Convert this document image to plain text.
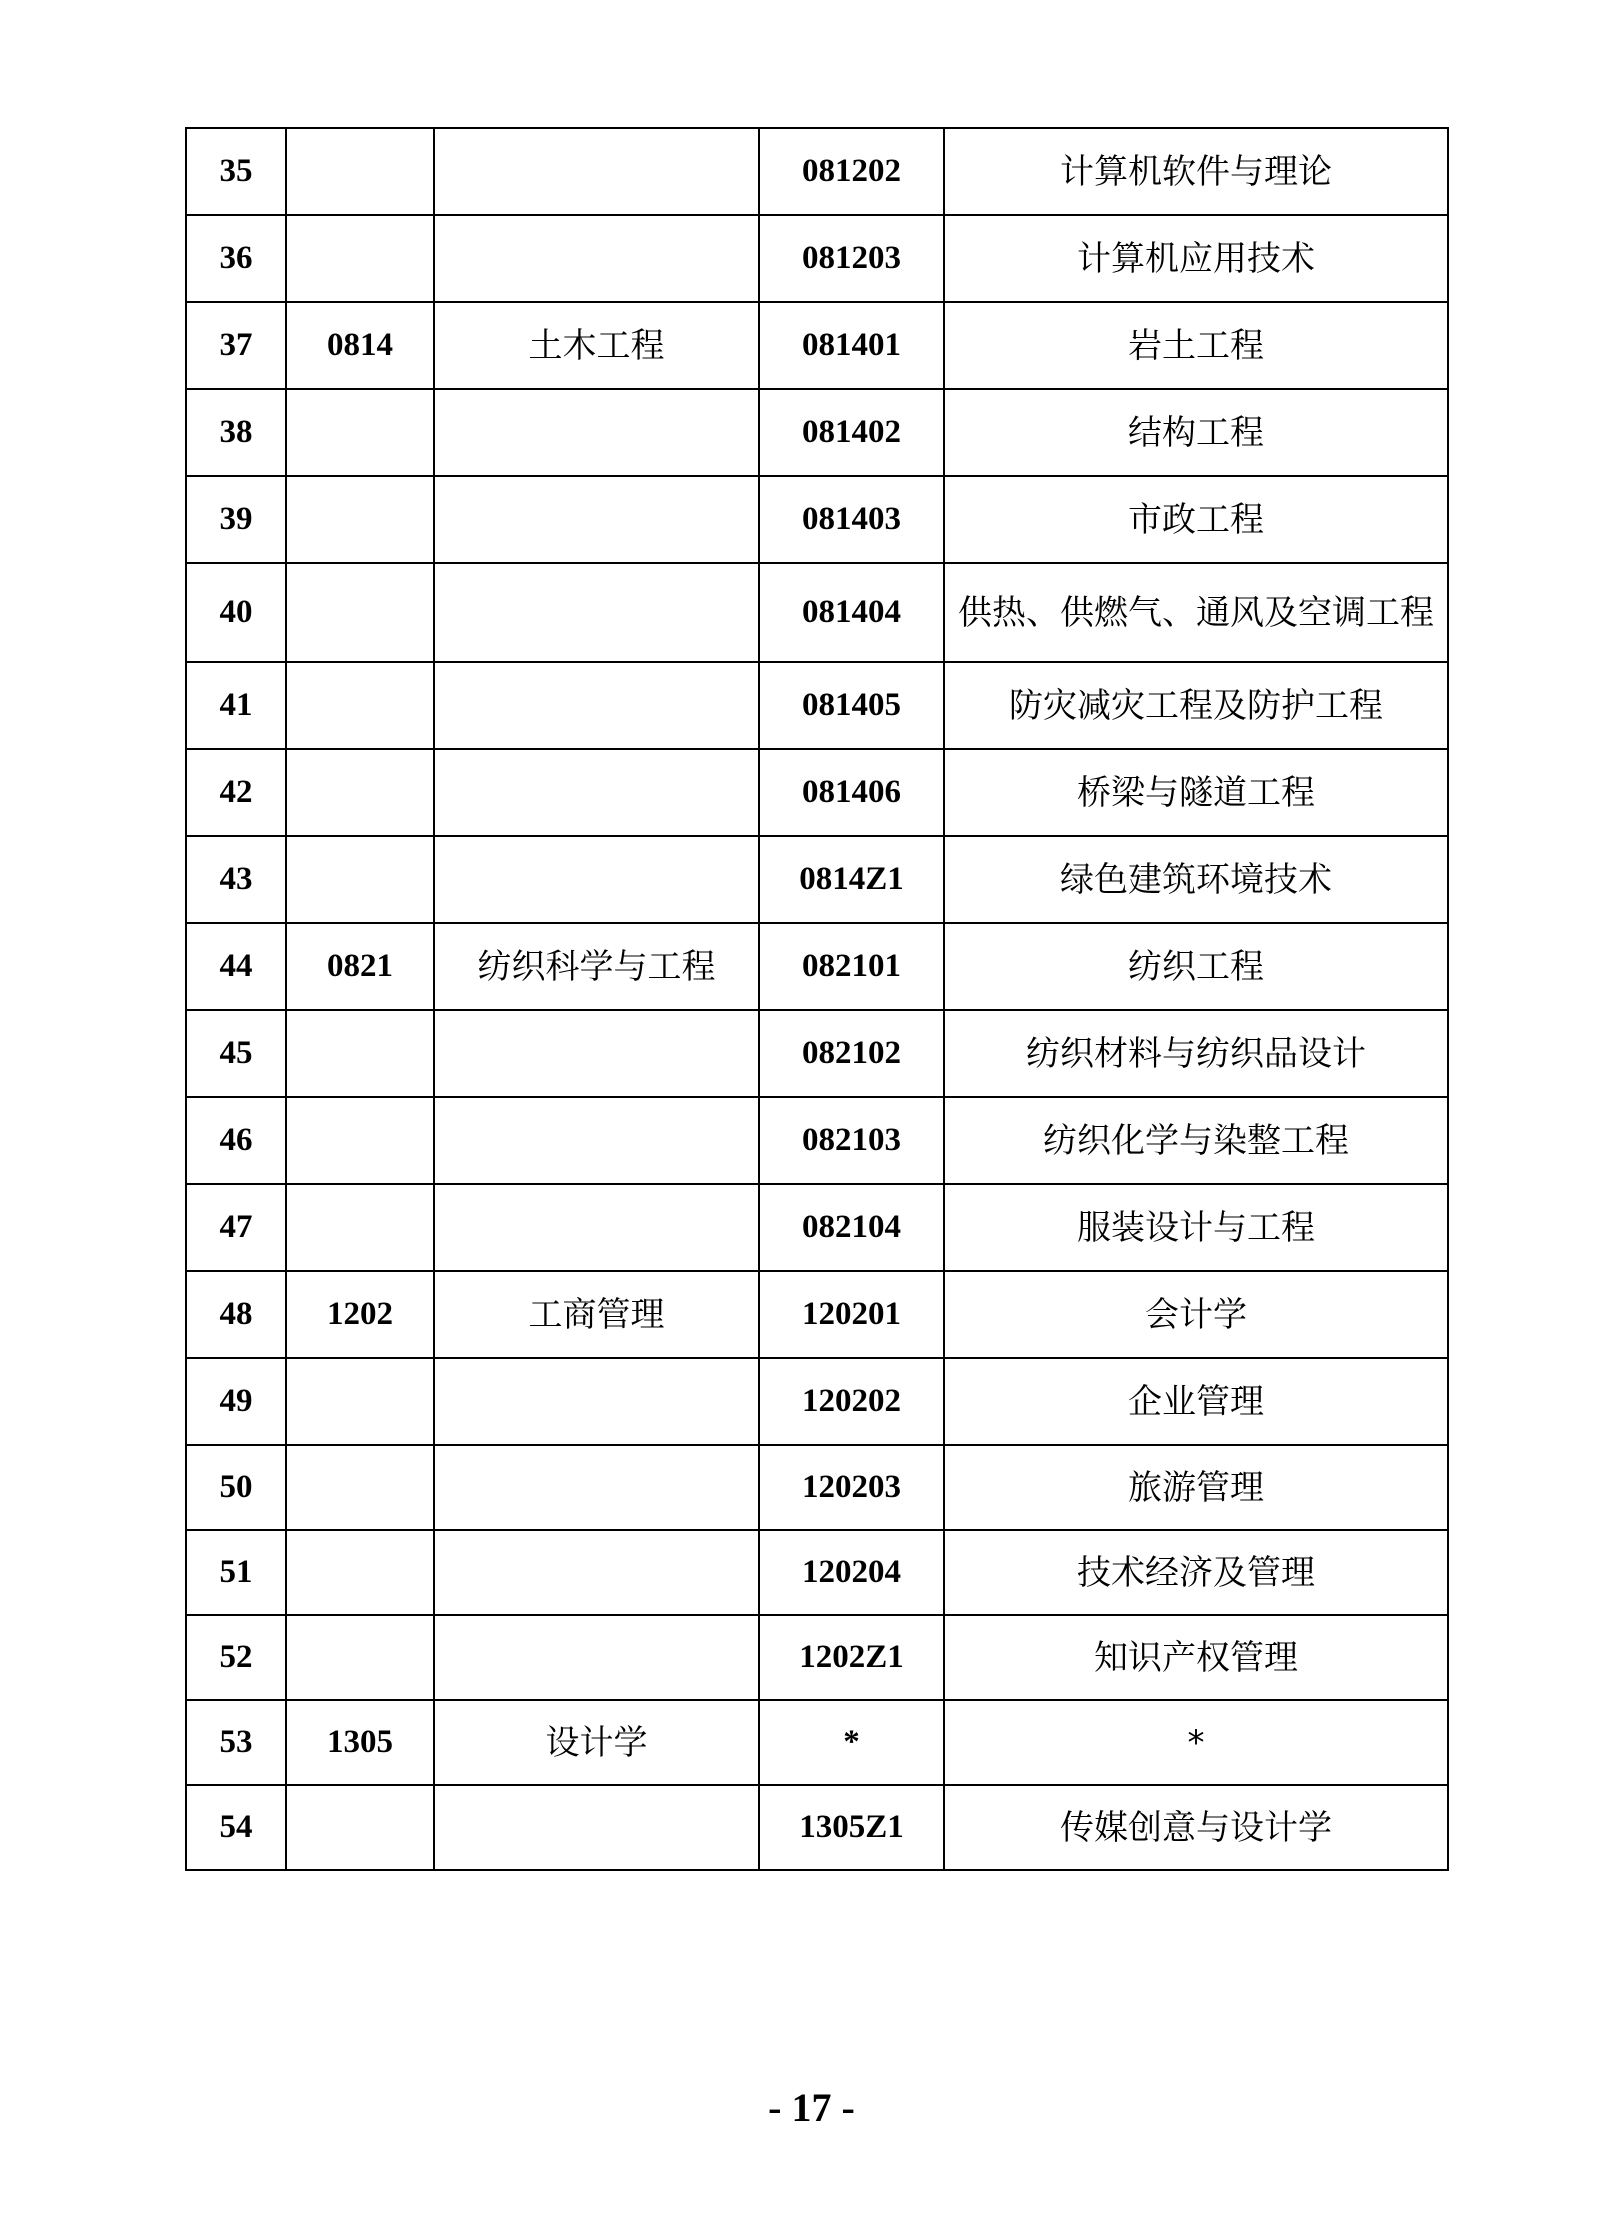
35			081202	计算机软件与理论
36			081203	计算机应用技术
37	0814	土木工程	081401	岩土工程
38			081402	结构工程
39			081403	市政工程
40			081404	供热、供燃气、通风及空调工程
41			081405	防灾减灾工程及防护工程
42			081406	桥梁与隧道工程
43			0814Z1	绿色建筑环境技术
44	0821	纺织科学与工程	082101	纺织工程
45			082102	纺织材料与纺织品设计
46			082103	纺织化学与染整工程
47			082104	服装设计与工程
48	1202	工商管理	120201	会计学
49			120202	企业管理
50			120203	旅游管理
51			120204	技术经济及管理
52			1202Z1	知识产权管理
53	1305	设计学	*	*
54			1305Z1	传媒创意与设计学
- 17 -
